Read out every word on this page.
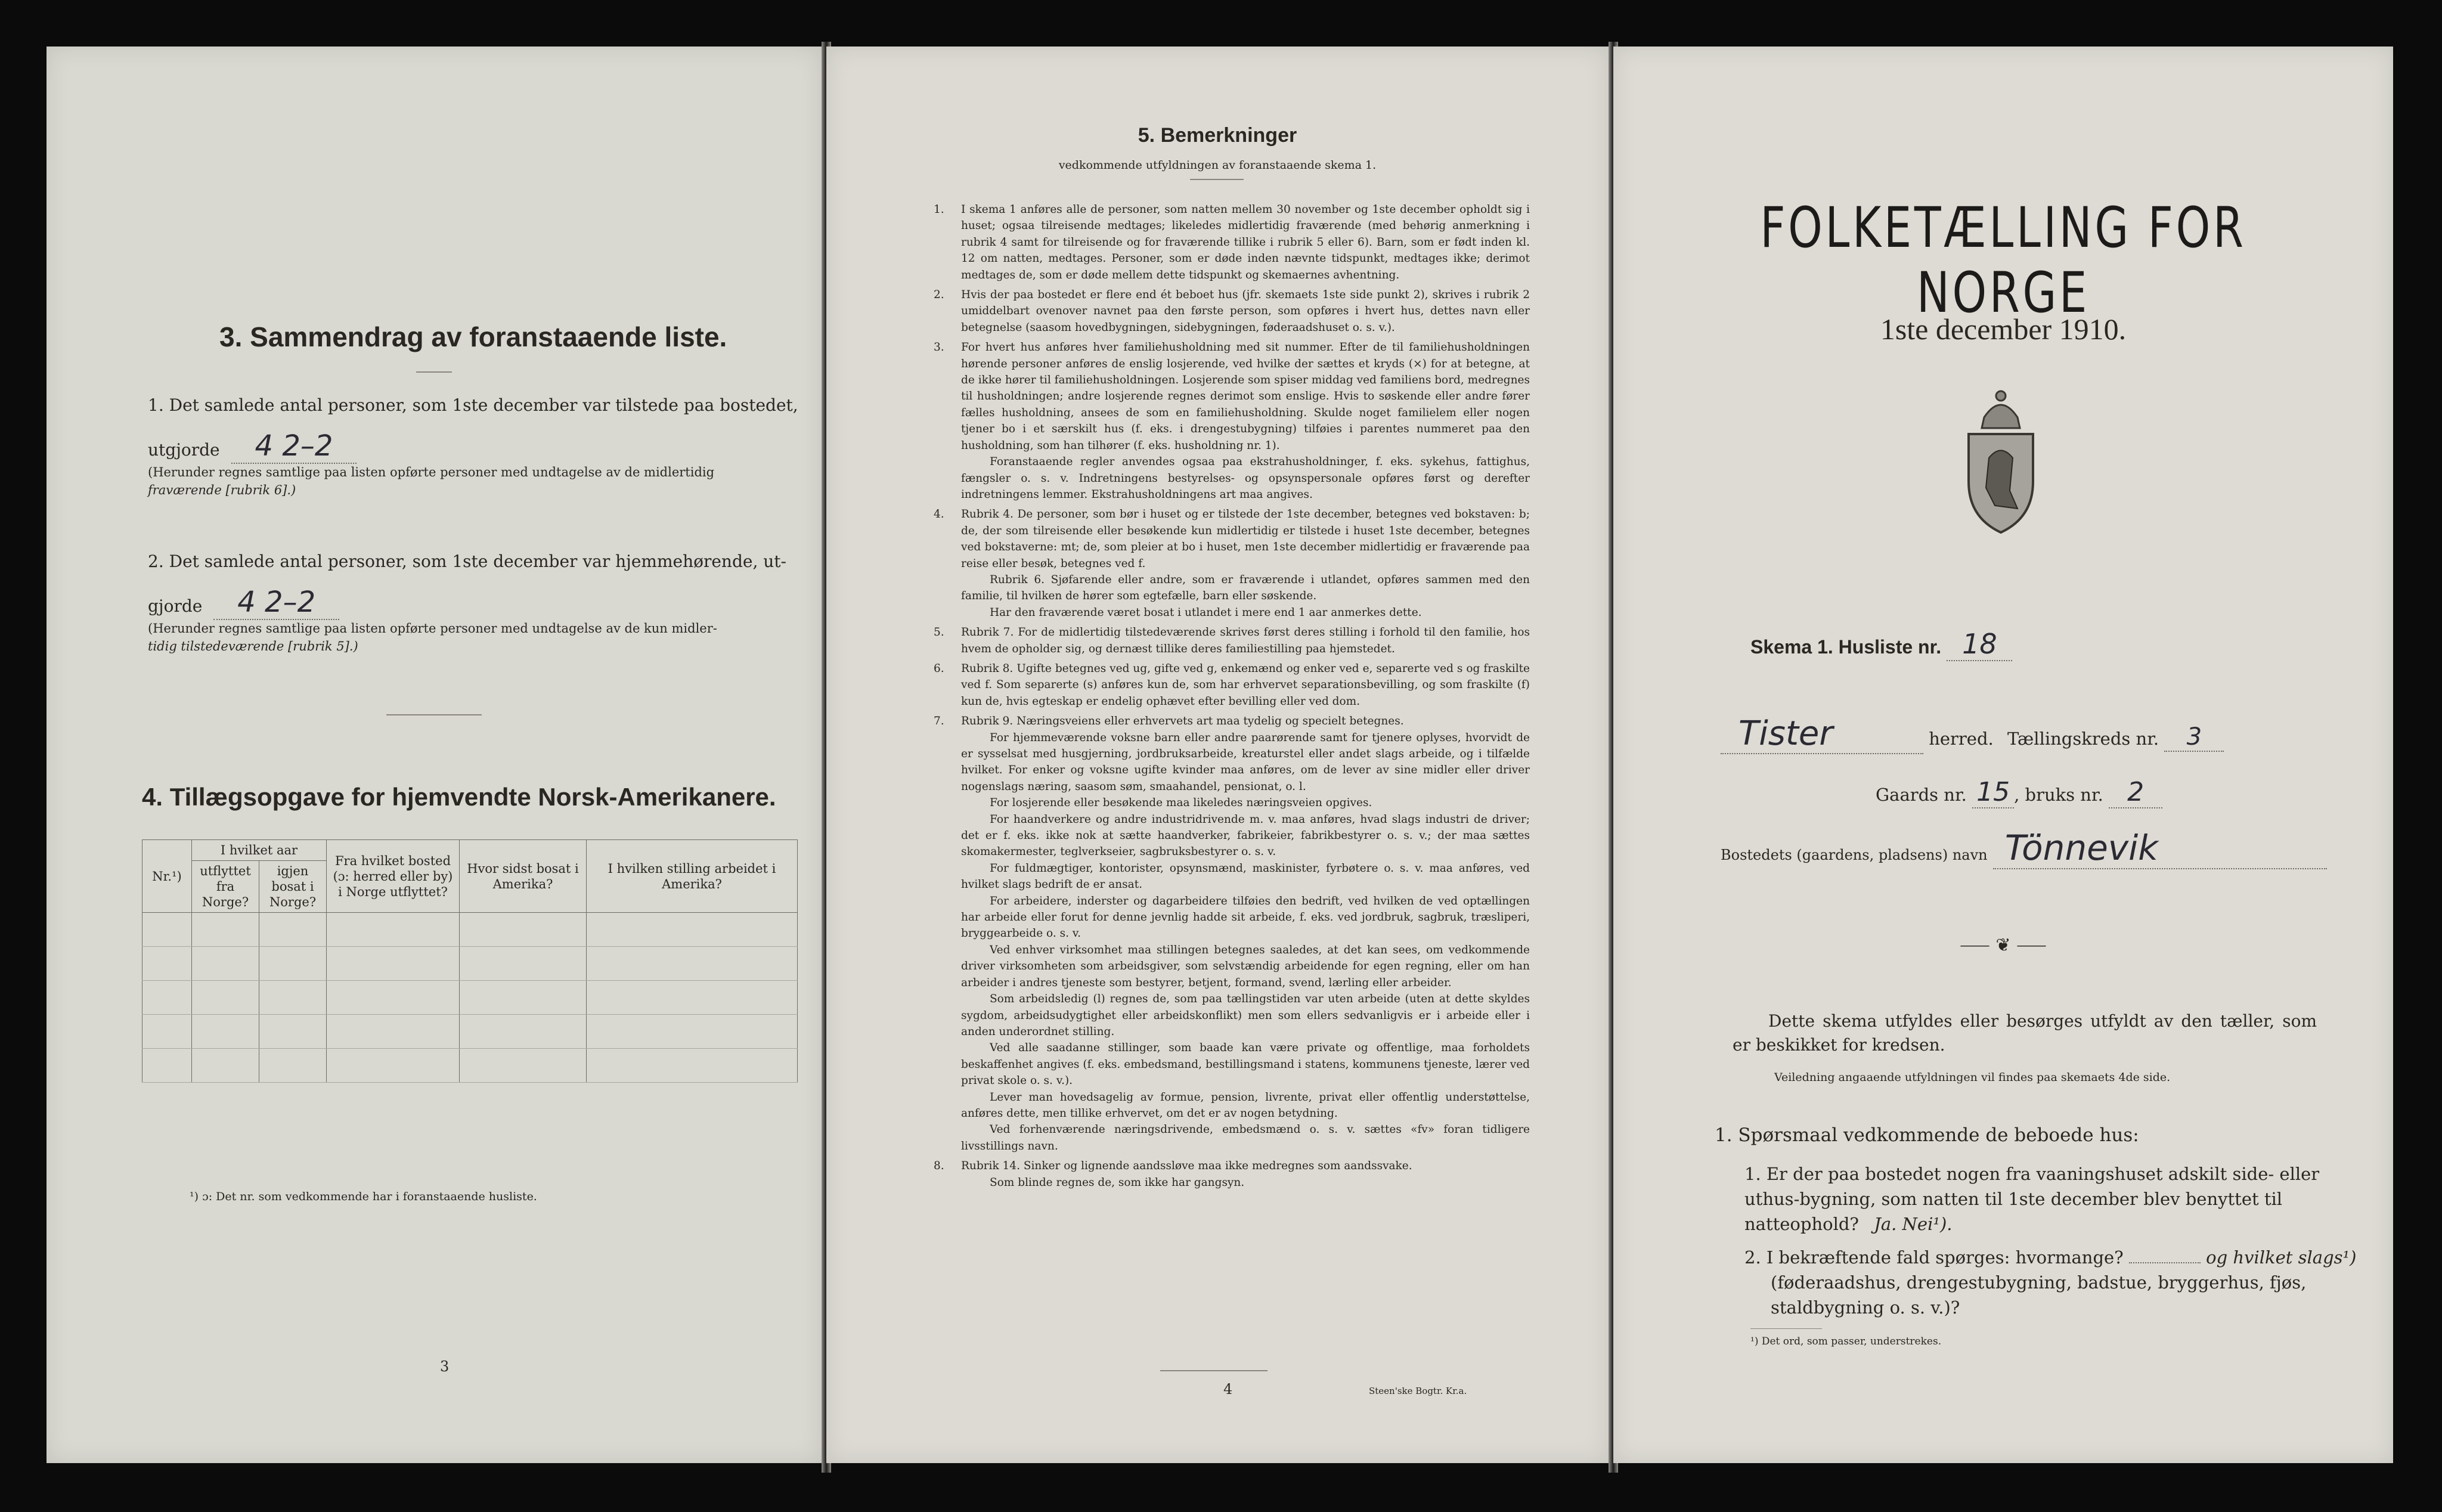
3. Sammendrag av foranstaaende liste.
1. Det samlede antal personer, som 1ste december var tilstede paa bostedet,
utgjorde 4 2–2
(Herunder regnes samtlige paa listen opførte personer med undtagelse av de midlertidig
fraværende [rubrik 6].)
2. Det samlede antal personer, som 1ste december var hjemmehørende, ut-
gjorde 4 2–2
(Herunder regnes samtlige paa listen opførte personer med undtagelse av de kun midler-
tidig tilstedeværende [rubrik 5].)
4. Tillægsopgave for hjemvendte Norsk-Amerikanere.
Nr.¹)	I hvilket aar		Fra hvilket bosted (ɔ: herred eller by) i Norge utflyttet?	Hvor sidst bosat i Amerika?	I hvilken stilling arbeidet i Amerika?
	utflyttet fra Norge?	igjen bosat i Norge?			

¹) ɔ: Det nr. som vedkommende har i foranstaaende husliste.
3
5. Bemerkninger
vedkommende utfyldningen av foranstaaende skema 1.
1. I skema 1 anføres alle de personer, som natten mellem 30 november og 1ste december opholdt sig i huset; ogsaa tilreisende medtages; likeledes midlertidig fraværende (med behørig anmerkning i rubrik 4 samt for tilreisende og for fraværende tillike i rubrik 5 eller 6). Barn, som er født inden kl. 12 om natten, medtages. Personer, som er døde inden nævnte tidspunkt, medtages ikke; derimot medtages de, som er døde mellem dette tidspunkt og skemaernes avhentning.

2. Hvis der paa bostedet er flere end ét beboet hus (jfr. skemaets 1ste side punkt 2), skrives i rubrik 2 umiddelbart ovenover navnet paa den første person, som opføres i hvert hus, dettes navn eller betegnelse (saasom hovedbygningen, sidebygningen, føderaadshuset o. s. v.).

3. For hvert hus anføres hver familiehusholdning med sit nummer. Efter de til familiehusholdningen hørende personer anføres de enslig losjerende, ved hvilke der sættes et kryds (×) for at betegne, at de ikke hører til familiehusholdningen. Losjerende som spiser middag ved familiens bord, medregnes til husholdningen; andre losjerende regnes derimot som enslige. Hvis to søskende eller andre fører fælles husholdning, ansees de som en familiehusholdning. Skulde noget familielem eller nogen tjener bo i et særskilt hus (f. eks. i drengestubygning) tilføies i parentes nummeret paa den husholdning, som han tilhører (f. eks. husholdning nr. 1).

Foranstaaende regler anvendes ogsaa paa ekstrahusholdninger, f. eks. sykehus, fattighus, fængsler o. s. v. Indretningens bestyrelses- og opsynspersonale opføres først og derefter indretningens lemmer. Ekstrahusholdningens art maa angives.

4. Rubrik 4. De personer, som bør i huset og er tilstede der 1ste december, betegnes ved bokstaven: b; de, der som tilreisende eller besøkende kun midlertidig er tilstede i huset 1ste december, betegnes ved bokstaverne: mt; de, som pleier at bo i huset, men 1ste december midlertidig er fraværende paa reise eller besøk, betegnes ved f.

Rubrik 6. Sjøfarende eller andre, som er fraværende i utlandet, opføres sammen med den familie, til hvilken de hører som egtefælle, barn eller søskende.

Har den fraværende været bosat i utlandet i mere end 1 aar anmerkes dette.

5. Rubrik 7. For de midlertidig tilstedeværende skrives først deres stilling i forhold til den familie, hos hvem de opholder sig, og dernæst tillike deres familiestilling paa hjemstedet.

6. Rubrik 8. Ugifte betegnes ved ug, gifte ved g, enkemænd og enker ved e, separerte ved s og fraskilte ved f. Som separerte (s) anføres kun de, som har erhvervet separationsbevilling, og som fraskilte (f) kun de, hvis egteskap er endelig ophævet efter bevilling eller ved dom.

7. Rubrik 9. Næringsveiens eller erhvervets art maa tydelig og specielt betegnes.

For hjemmeværende voksne barn eller andre paarørende samt for tjenere oplyses, hvorvidt de er sysselsat med husgjerning, jordbruksarbeide, kreaturstel eller andet slags arbeide, og i tilfælde hvilket. For enker og voksne ugifte kvinder maa anføres, om de lever av sine midler eller driver nogenslags næring, saasom søm, smaahandel, pensionat, o. l.

For losjerende eller besøkende maa likeledes næringsveien opgives.

For haandverkere og andre industridrivende m. v. maa anføres, hvad slags industri de driver; det er f. eks. ikke nok at sætte haandverker, fabrikeier, fabrikbestyrer o. s. v.; der maa sættes skomakermester, teglverkseier, sagbruksbestyrer o. s. v.

For fuldmægtiger, kontorister, opsynsmænd, maskinister, fyrbøtere o. s. v. maa anføres, ved hvilket slags bedrift de er ansat.

For arbeidere, inderster og dagarbeidere tilføies den bedrift, ved hvilken de ved optællingen har arbeide eller forut for denne jevnlig hadde sit arbeide, f. eks. ved jordbruk, sagbruk, træsliperi, bryggearbeide o. s. v.

Ved enhver virksomhet maa stillingen betegnes saaledes, at det kan sees, om vedkommende driver virksomheten som arbeidsgiver, som selvstændig arbeidende for egen regning, eller om han arbeider i andres tjeneste som bestyrer, betjent, formand, svend, lærling eller arbeider.

Som arbeidsledig (l) regnes de, som paa tællingstiden var uten arbeide (uten at dette skyldes sygdom, arbeidsudygtighet eller arbeidskonflikt) men som ellers sedvanligvis er i arbeide eller i anden underordnet stilling.

Ved alle saadanne stillinger, som baade kan være private og offentlige, maa forholdets beskaffenhet angives (f. eks. embedsmand, bestillingsmand i statens, kommunens tjeneste, lærer ved privat skole o. s. v.).

Lever man hovedsagelig av formue, pension, livrente, privat eller offentlig understøttelse, anføres dette, men tillike erhvervet, om det er av nogen betydning.

Ved forhenværende næringsdrivende, embedsmænd o. s. v. sættes «fv» foran tidligere livsstillings navn.

8. Rubrik 14. Sinker og lignende aandssløve maa ikke medregnes som aandssvake.

Som blinde regnes de, som ikke har gangsyn.

4	Steen'ske Bogtr. Kr.a.
FOLKETÆLLING FOR NORGE
1ste december 1910.
Skema 1. Husliste nr. 18
Tister	herred. Tællingskreds nr. 3
Gaards nr. 15 , bruks nr. 2
Bostedets (gaardens, pladsens) navn Tönnevik
⸺ ❦ ⸺
Dette skema utfyldes eller besørges utfyldt av den tæller, som er beskikket for kredsen.
Veiledning angaaende utfyldningen vil findes paa skemaets 4de side.
1. Spørsmaal vedkommende de beboede hus:
1. Er der paa bostedet nogen fra vaaningshuset adskilt side- eller uthus-bygning, som natten til 1ste december blev benyttet til natteophold? Ja. Nei¹).
2. I bekræftende fald spørges: hvormange?	og hvilket slags¹)
(føderaadshus, drengestubygning, badstue, bryggerhus, fjøs, staldbygning o. s. v.)?
¹) Det ord, som passer, understrekes.
